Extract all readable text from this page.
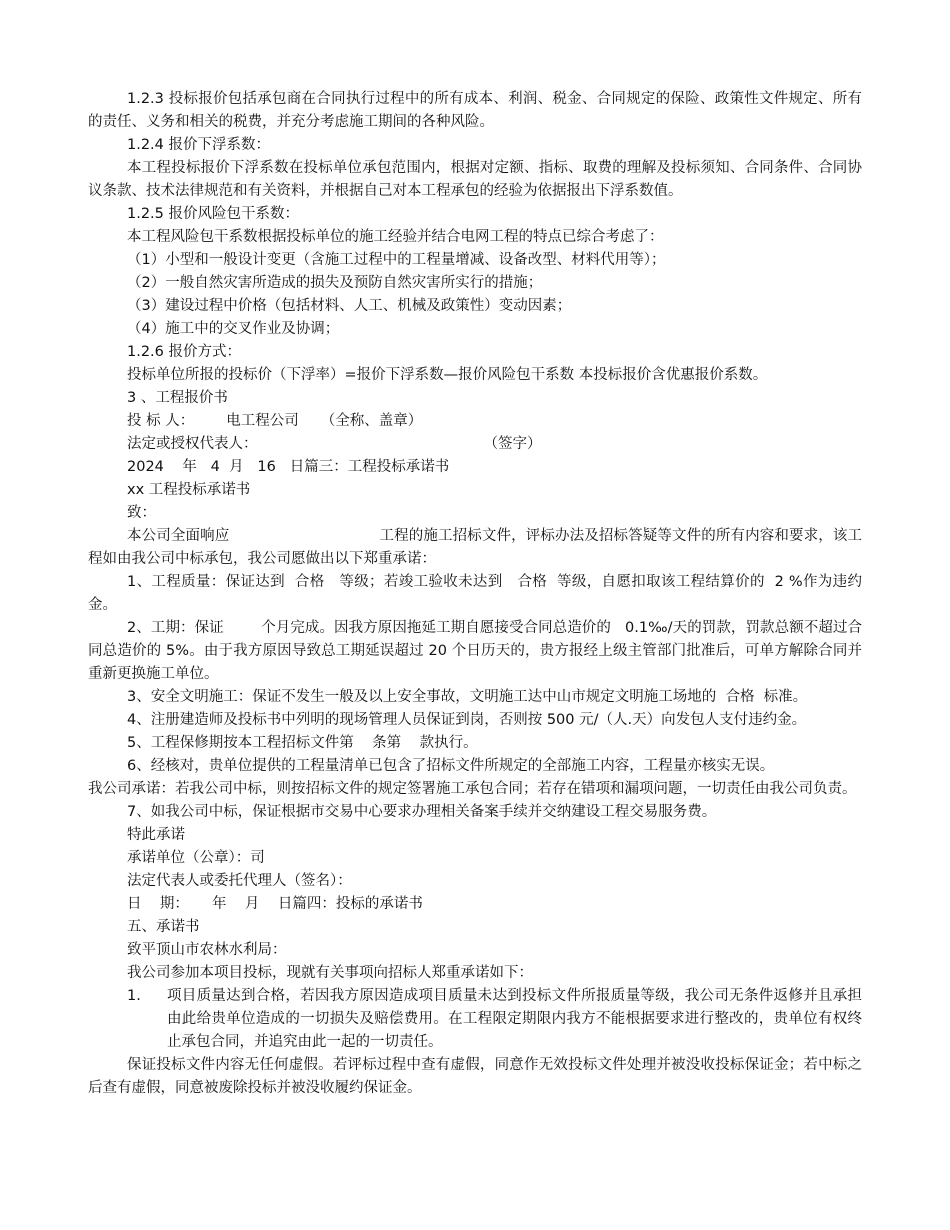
1.2.3 投标报价包括承包商在合同执行过程中的所有成本、利润、税金、合同规定的保险、政策性文件规定、所有的责任、义务和相关的税费，并充分考虑施工期间的各种风险。

1.2.4 报价下浮系数：

本工程投标报价下浮系数在投标单位承包范围内，根据对定额、指标、取费的理解及投标须知、合同条件、合同协议条款、技术法律规范和有关资料，并根据自己对本工程承包的经验为依据报出下浮系数值。

1.2.5 报价风险包干系数：

本工程风险包干系数根据投标单位的施工经验并结合电网工程的特点已综合考虑了：

（1）小型和一般设计变更（含施工过程中的工程量增减、设备改型、材料代用等）；

（2）一般自然灾害所造成的损失及预防自然灾害所实行的措施；

（3）建设过程中价格（包括材料、人工、机械及政策性）变动因素；

（4）施工中的交叉作业及协调；

1.2.6 报价方式：

投标单位所报的投标价（下浮率）=报价下浮系数—报价风险包干系数 本投标报价含优惠报价系数。

3 、工程报价书

投 标 人： 电工程公司 （全称、盖章）

法定或授权代表人：	（签字）

2024    年   4  月   16   日篇三：工程投标承诺书

xx 工程投标承诺书

致：

本公司全面响应	工程的施工招标文件，评标办法及招标答疑等文件的所有内容和要求，该工程如由我公司中标承包，我公司愿做出以下郑重承诺：

1、工程质量：保证达到  合格   等级；若竣工验收未达到   合格  等级，自愿扣取该工程结算价的  2 %作为违约金。

2、工期：保证        个月完成。因我方原因拖延工期自愿接受合同总造价的   0.1‰/天的罚款，罚款总额不超过合同总造价的 5%。由于我方原因导致总工期延误超过 20 个日历天的，贵方报经上级主管部门批准后，可单方解除合同并重新更换施工单位。

3、安全文明施工：保证不发生一般及以上安全事故，文明施工达中山市规定文明施工场地的  合格  标准。

4、注册建造师及投标书中列明的现场管理人员保证到岗，否则按 500 元/（人.天）向发包人支付违约金。

5、工程保修期按本工程招标文件第    条第    款执行。

6、经核对，贵单位提供的工程量清单已包含了招标文件所规定的全部施工内容，工程量亦核实无误。

我公司承诺：若我公司中标，则按招标文件的规定签署施工承包合同；若存在错项和漏项问题，一切责任由我公司负责。

7、如我公司中标，保证根据市交易中心要求办理相关备案手续并交纳建设工程交易服务费。

特此承诺

承诺单位（公章）：司

法定代表人或委托代理人（签名）：

日    期：     年    月    日篇四：投标的承诺书

五、承诺书

致平顶山市农林水利局：

我公司参加本项目投标，现就有关事项向招标人郑重承诺如下：

1.	项目质量达到合格，若因我方原因造成项目质量未达到投标文件所报质量等级，我公司无条件返修并且承担由此给贵单位造成的一切损失及赔偿费用。在工程限定期限内我方不能根据要求进行整改的，贵单位有权终止承包合同，并追究由此一起的一切责任。

保证投标文件内容无任何虚假。若评标过程中查有虚假，同意作无效投标文件处理并被没收投标保证金；若中标之后查有虚假，同意被废除投标并被没收履约保证金。
